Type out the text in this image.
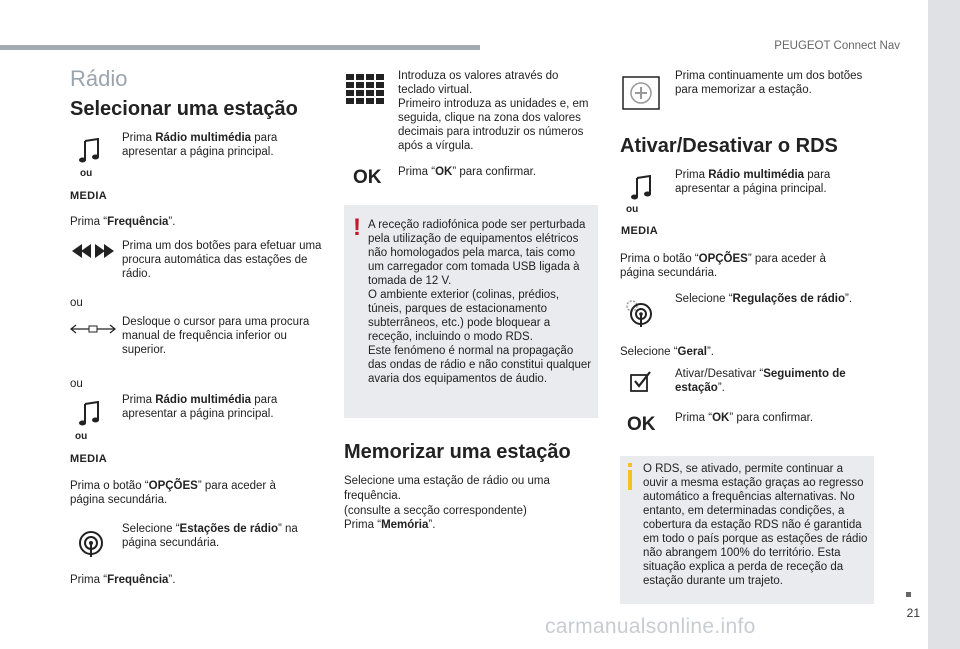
PEUGEOT Connect Nav
21
Rádio
Selecionar uma estação
ou
MEDIA
Prima Rádio multimédia para apresentar a página principal.
Prima “Frequência”.
Prima um dos botões para efetuar uma procura automática das estações de rádio.
ou
Desloque o cursor para uma procura manual de frequência inferior ou superior.
ou
ou
MEDIA
Prima Rádio multimédia para apresentar a página principal.
Prima o botão “OPÇÕES” para aceder à página secundária.
Selecione “Estações de rádio” na página secundária.
Prima “Frequência”.
Introduza os valores através do teclado virtual.
Primeiro introduza as unidades e, em seguida, clique na zona dos valores decimais para introduzir os números após a vírgula.
OK Prima “OK” para confirmar.
! A receção radiofónica pode ser perturbada pela utilização de equipamentos elétricos não homologados pela marca, tais como um carregador com tomada USB ligada à tomada de 12 V.
O ambiente exterior (colinas, prédios, túneis, parques de estacionamento subterrâneos, etc.) pode bloquear a receção, incluindo o modo RDS.
Este fenómeno é normal na propagação das ondas de rádio e não constitui qualquer avaria dos equipamentos de áudio.
Memorizar uma estação
Selecione uma estação de rádio ou uma frequência.
(consulte a secção correspondente)
Prima “Memória”.
Prima continuamente um dos botões para memorizar a estação.
Ativar/Desativar o RDS
ou
MEDIA
Prima Rádio multimédia para apresentar a página principal.
Prima o botão “OPÇÕES” para aceder à página secundária.
Selecione “Regulações de rádio”.
Selecione “Geral”.
Ativar/Desativar “Seguimento de estação”.
OK Prima “OK” para confirmar.
O RDS, se ativado, permite continuar a ouvir a mesma estação graças ao regresso automático a frequências alternativas. No entanto, em determinadas condições, a cobertura da estação RDS não é garantida em todo o país porque as estações de rádio não abrangem 100% do território. Esta situação explica a perda de receção da estação durante um trajeto.
carmanualsonline.info
